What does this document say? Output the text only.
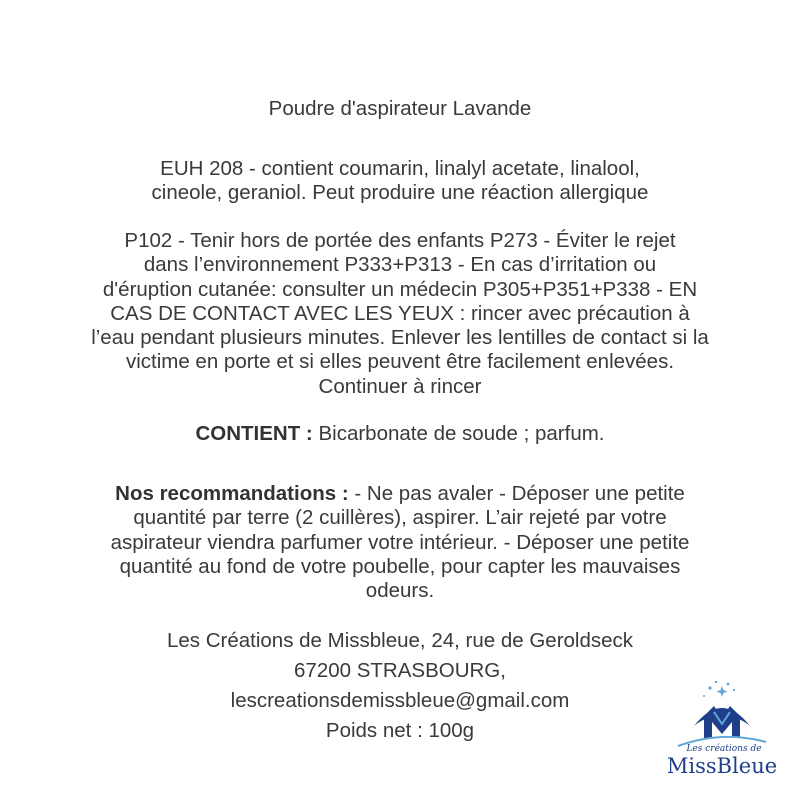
Poudre d'aspirateur Lavande
EUH 208 - contient coumarin, linalyl acetate, linalool,
cineole, geraniol. Peut produire une réaction allergique
P102 - Tenir hors de portée des enfants P273 - Éviter le rejet
dans l’environnement P333+P313 - En cas d’irritation ou
d'éruption cutanée: consulter un médecin P305+P351+P338 - EN
CAS DE CONTACT AVEC LES YEUX : rincer avec précaution à
l’eau pendant plusieurs minutes. Enlever les lentilles de contact si la
victime en porte et si elles peuvent être facilement enlevées.
Continuer à rincer
CONTIENT : Bicarbonate de soude ; parfum.
Nos recommandations : - Ne pas avaler - Déposer une petite
quantité par terre (2 cuillères), aspirer. L’air rejeté par votre
aspirateur viendra parfumer votre intérieur. - Déposer une petite
quantité au fond de votre poubelle, pour capter les mauvaises
odeurs.
Les Créations de Missbleue, 24, rue de Geroldseck
67200 STRASBOURG,
lescreationsdemissbleue@gmail.com
Poids net : 100g
Les créations de
MissBleue
